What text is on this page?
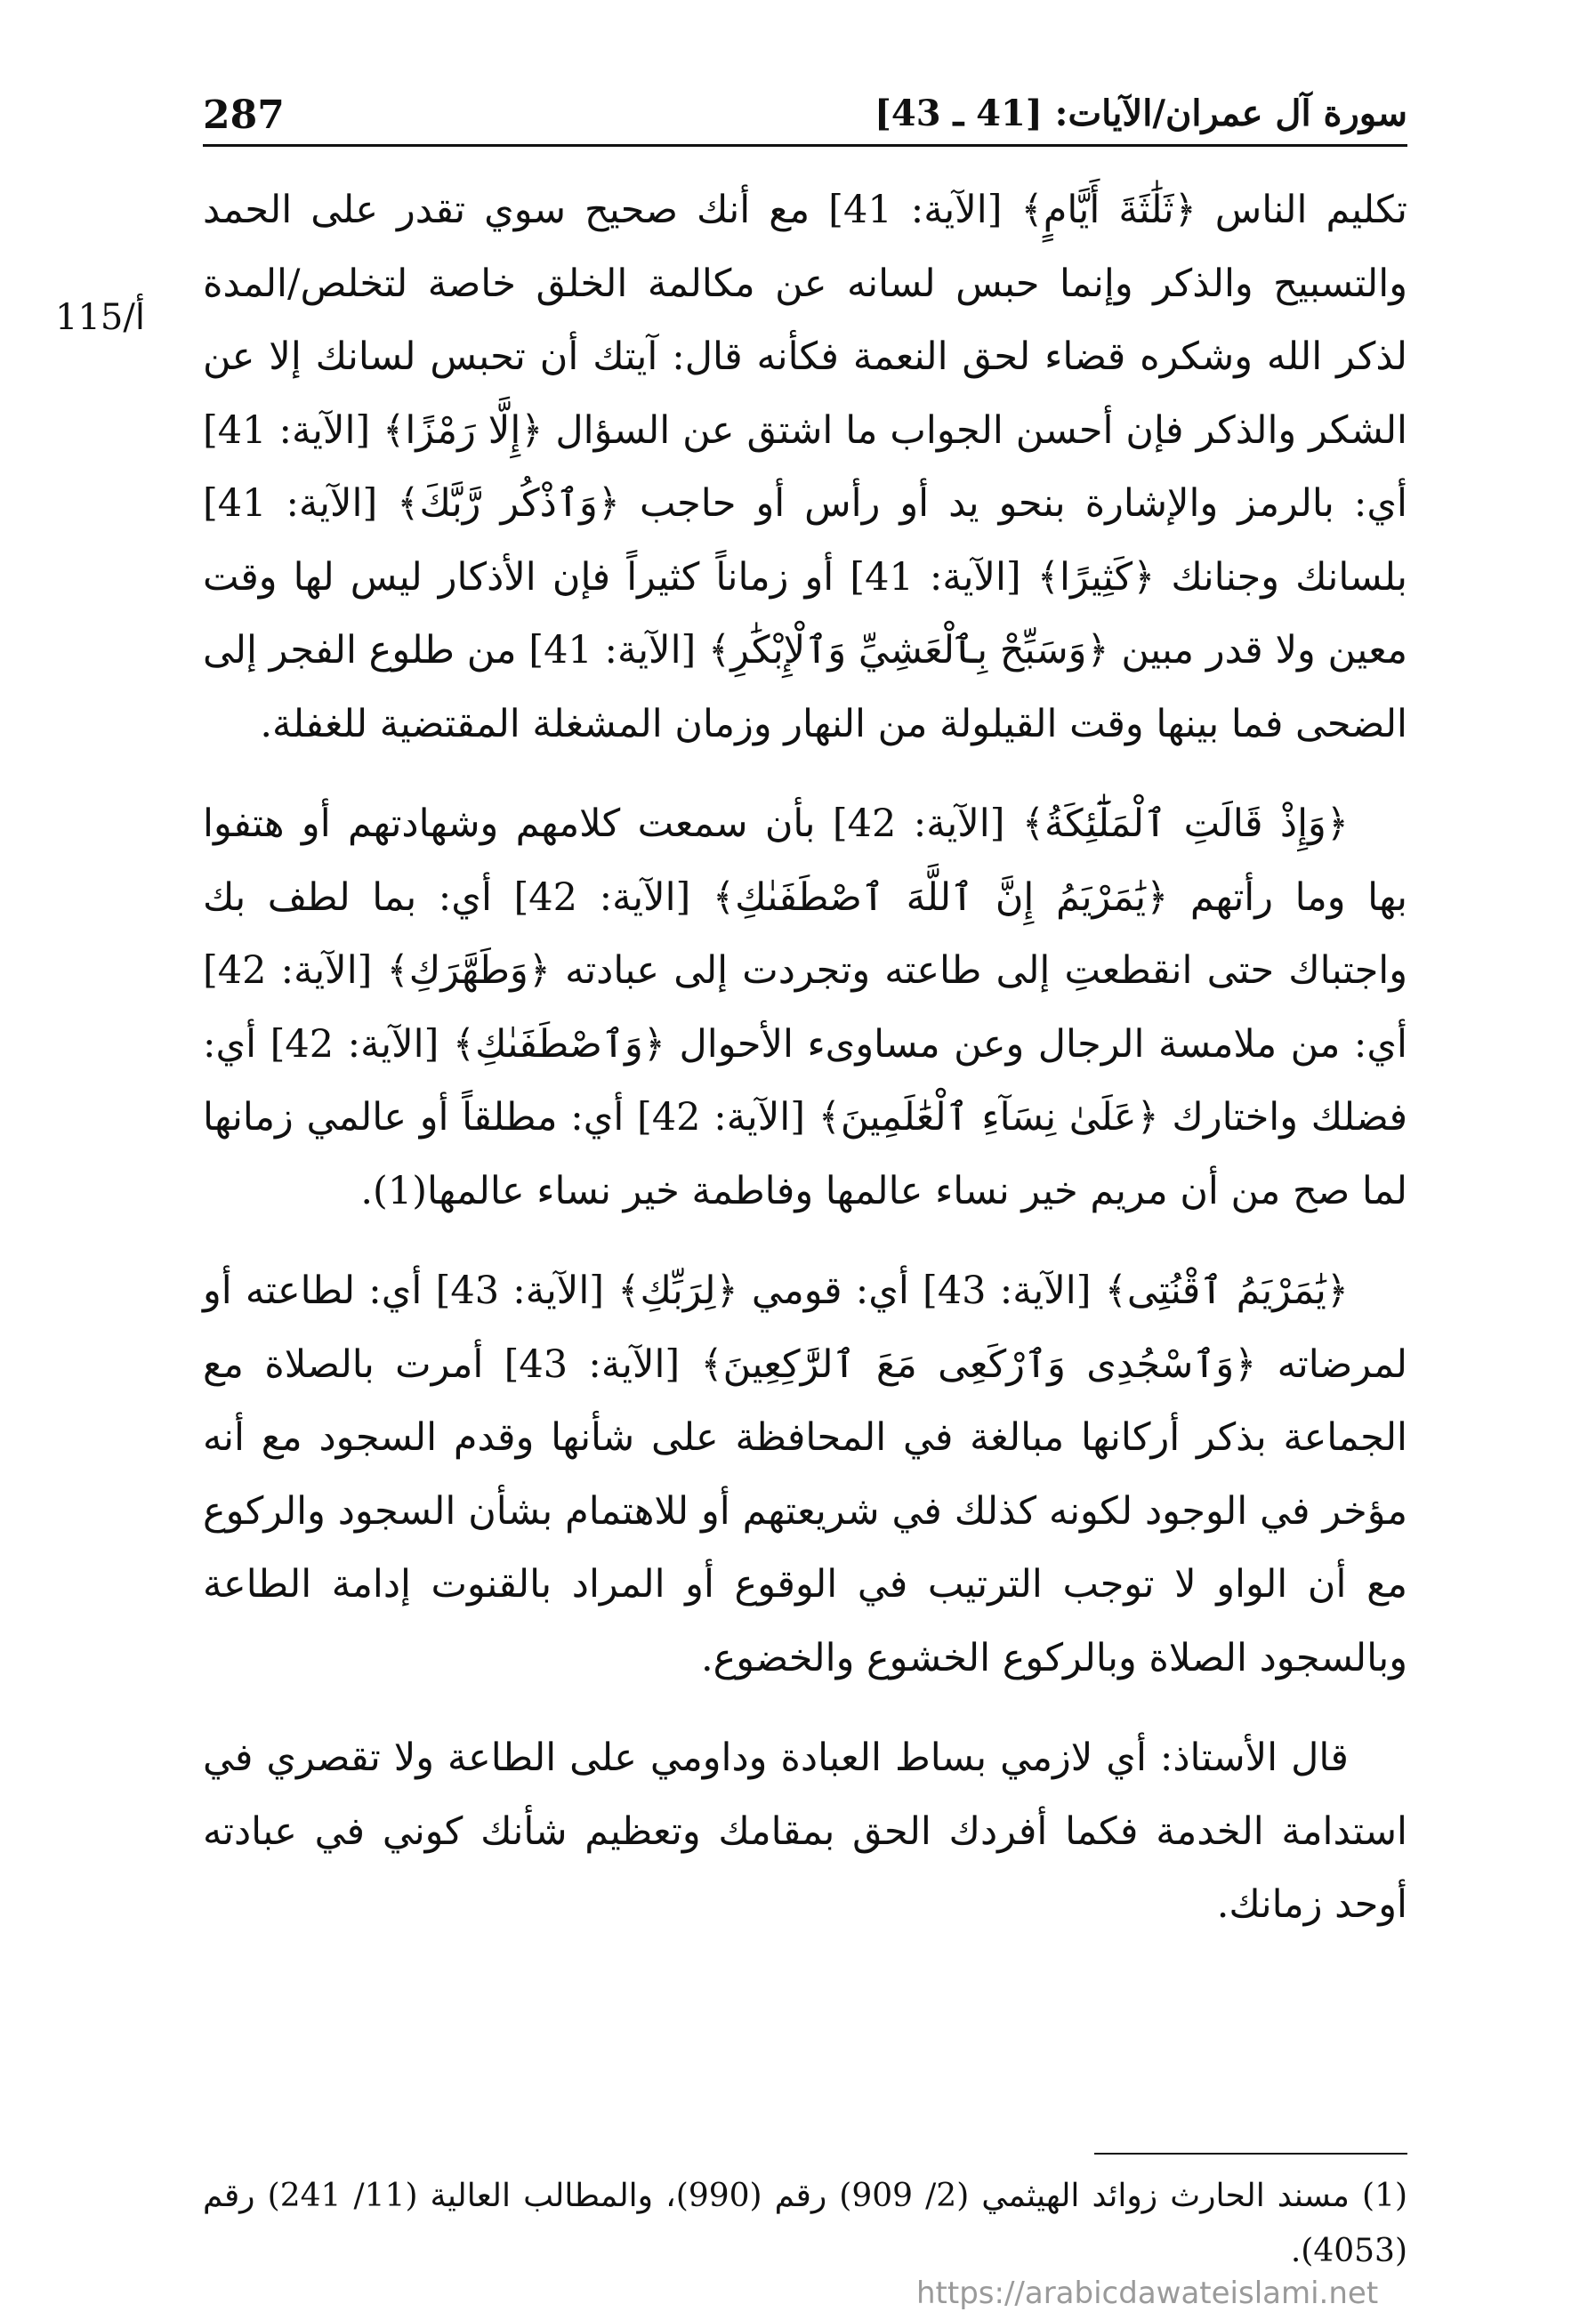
287	سورة آل عمران/الآيات: [41 ـ 43]
115/أ

تكليم الناس ﴿ثَلَٰثَةَ أَيَّامٍ﴾ [الآية: 41] مع أنك صحيح سوي تقدر على الحمد والتسبيح والذكر وإنما حبس لسانه عن مكالمة الخلق خاصة لتخلص/المدة لذكر الله وشكره قضاء لحق النعمة فكأنه قال: آيتك أن تحبس لسانك إلا عن الشكر والذكر فإن أحسن الجواب ما اشتق عن السؤال ﴿إِلَّا رَمْزًا﴾ [الآية: 41] أي: بالرمز والإشارة بنحو يد أو رأس أو حاجب ﴿وَٱذْكُر رَّبَّكَ﴾ [الآية: 41] بلسانك وجنانك ﴿كَثِيرًا﴾ [الآية: 41] أو زماناً كثيراً فإن الأذكار ليس لها وقت معين ولا قدر مبين ﴿وَسَبِّحْ بِٱلْعَشِيِّ وَٱلْإِبْكَٰرِ﴾ [الآية: 41] من طلوع الفجر إلى الضحى فما بينها وقت القيلولة من النهار وزمان المشغلة المقتضية للغفلة.

﴿وَإِذْ قَالَتِ ٱلْمَلَٰٓئِكَةُ﴾ [الآية: 42] بأن سمعت كلامهم وشهادتهم أو هتفوا بها وما رأتهم ﴿يَٰمَرْيَمُ إِنَّ ٱللَّهَ ٱصْطَفَىٰكِ﴾ [الآية: 42] أي: بما لطف بك واجتباك حتى انقطعتِ إلى طاعته وتجردت إلى عبادته ﴿وَطَهَّرَكِ﴾ [الآية: 42] أي: من ملامسة الرجال وعن مساوىء الأحوال ﴿وَٱصْطَفَىٰكِ﴾ [الآية: 42] أي: فضلك واختارك ﴿عَلَىٰ نِسَآءِ ٱلْعَٰلَمِينَ﴾ [الآية: 42] أي: مطلقاً أو عالمي زمانها لما صح من أن مريم خير نساء عالمها وفاطمة خير نساء عالمها(1).

﴿يَٰمَرْيَمُ ٱقْنُتِى﴾ [الآية: 43] أي: قومي ﴿لِرَبِّكِ﴾ [الآية: 43] أي: لطاعته أو لمرضاته ﴿وَٱسْجُدِى وَٱرْكَعِى مَعَ ٱلرَّٰكِعِينَ﴾ [الآية: 43] أمرت بالصلاة مع الجماعة بذكر أركانها مبالغة في المحافظة على شأنها وقدم السجود مع أنه مؤخر في الوجود لكونه كذلك في شريعتهم أو للاهتمام بشأن السجود والركوع مع أن الواو لا توجب الترتيب في الوقوع أو المراد بالقنوت إدامة الطاعة وبالسجود الصلاة وبالركوع الخشوع والخضوع.

قال الأستاذ: أي لازمي بساط العبادة وداومي على الطاعة ولا تقصري في استدامة الخدمة فكما أفردك الحق بمقامك وتعظيم شأنك كوني في عبادته أوحد زمانك.

(1) مسند الحارث زوائد الهيثمي (2/ 909) رقم (990)، والمطالب العالية (11/ 241) رقم (4053).
https://arabicdawateislami.net
